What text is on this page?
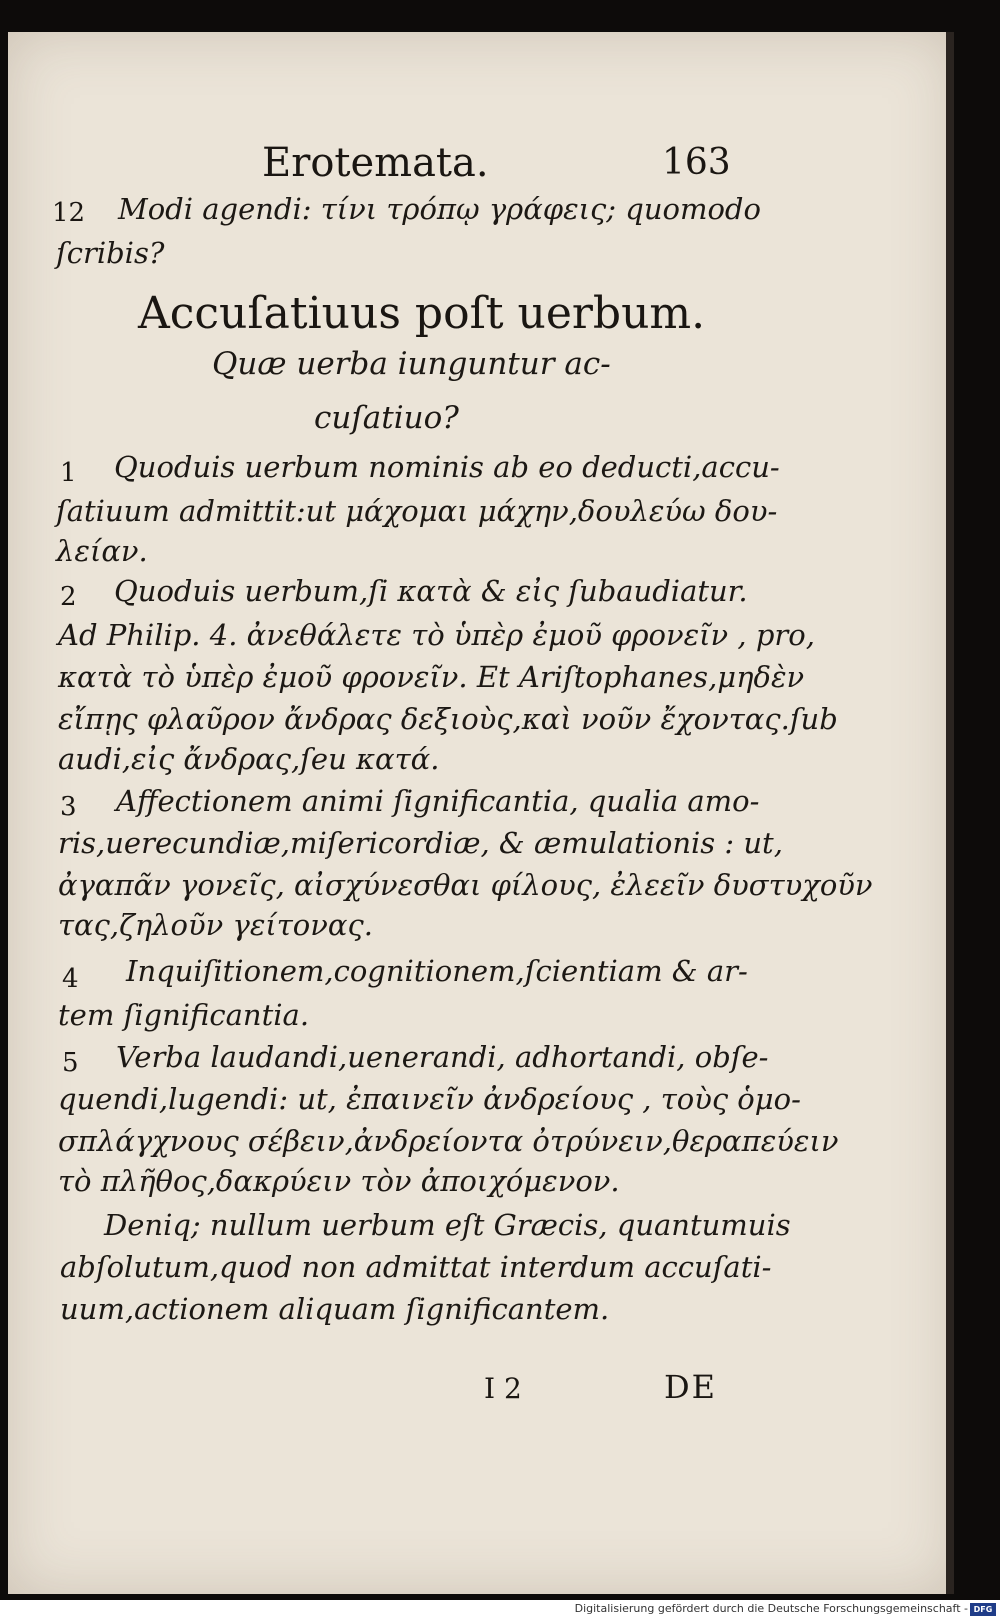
Erotemata.	163
12 Modi agendi: τίνι τρόπῳ γράφεις; quomodo
ſcribis?
Accuſatiuus poſt uerbum.
Quæ uerba iunguntur ac-
cuſatiuo?
1 Quoduis uerbum nominis ab eo deducti,accu-
ſatiuum admittit:ut μάχομαι μάχην,δουλεύω δου-
λείαν.
2 Quoduis uerbum,ſi κατὰ & εἰς ſubaudiatur.
Ad Philip. 4. ἀνεθάλετε τὸ ὑπὲρ ἐμοῦ φρονεῖν , pro,
κατὰ τὸ ὑπὲρ ἐμοῦ φρονεῖν. Et Ariſtophanes,μηδὲν
εἴπῃς φλαῦρον ἄνδρας δεξιοὺς,καὶ νοῦν ἔχοντας.ſub
audi,εἰς ἄνδρας,ſeu κατά.
3 Affectionem animi ſignificantia, qualia amo-
ris,uerecundiæ,miſericordiæ, & æmulationis : ut,
ἀγαπᾶν γονεῖς, αἰσχύνεσθαι φίλους, ἐλεεῖν δυστυχοῦν
τας,ζηλοῦν γείτονας.
4 Inquiſitionem,cognitionem,ſcientiam & ar-
tem ſignificantia.
5 Verba laudandi,uenerandi, adhortandi, obſe-
quendi,lugendi: ut, ἐπαινεῖν ἀνδρείους , τοὺς ὁμο-
σπλάγχνους σέβειν,ἀνδρείοντα ὀτρύνειν,θεραπεύειν
τὸ πλῆθος,δακρύειν τὸν ἀποιχόμενον.
Deniq; nullum uerbum eſt Græcis, quantumuis
abſolutum,quod non admittat interdum accuſati-
uum,actionem aliquam ſignificantem.
I 2	DE
Digitalisierung gefördert durch die Deutsche Forschungsgemeinschaft - DFG
